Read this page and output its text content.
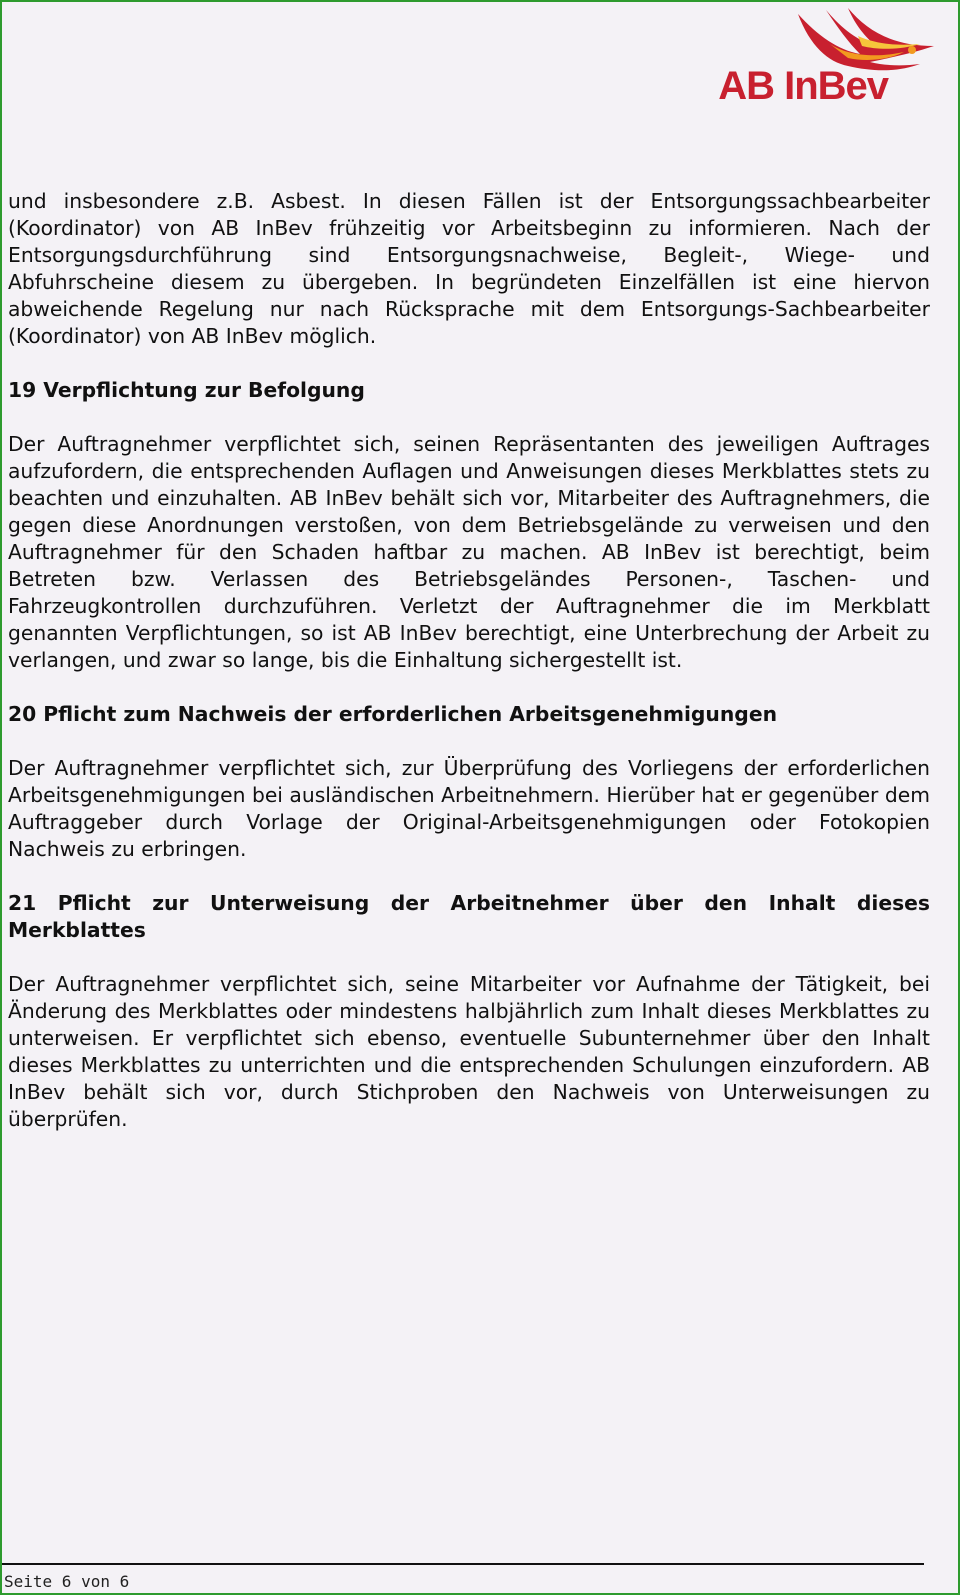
AB InBev

und insbesondere z.B. Asbest. In diesen Fällen ist der Entsorgungssachbearbeiter (Koordinator) von AB InBev frühzeitig vor Arbeitsbeginn zu informieren. Nach der Entsorgungsdurchführung sind Entsorgungsnachweise, Begleit-, Wiege- und Abfuhrscheine diesem zu übergeben. In begründeten Einzelfällen ist eine hiervon abweichende Regelung nur nach Rücksprache mit dem Entsorgungs-Sachbearbeiter (Koordinator) von AB InBev möglich.

19 Verpflichtung zur Befolgung

Der Auftragnehmer verpflichtet sich, seinen Repräsentanten des jeweiligen Auftrages aufzufordern, die entsprechenden Auflagen und Anweisungen dieses Merkblattes stets zu beachten und einzuhalten. AB InBev behält sich vor, Mitarbeiter des Auftragnehmers, die gegen diese Anordnungen verstoßen, von dem Betriebsgelände zu verweisen und den Auftragnehmer für den Schaden haftbar zu machen. AB InBev ist berechtigt, beim Betreten bzw. Verlassen des Betriebsgeländes Personen-, Taschen- und Fahrzeugkontrollen durchzuführen. Verletzt der Auftragnehmer die im Merkblatt genannten Verpflichtungen, so ist AB InBev berechtigt, eine Unterbrechung der Arbeit zu verlangen, und zwar so lange, bis die Einhaltung sichergestellt ist.

20 Pflicht zum Nachweis der erforderlichen Arbeitsgenehmigungen

Der Auftragnehmer verpflichtet sich, zur Überprüfung des Vorliegens der erforderlichen Arbeitsgenehmigungen bei ausländischen Arbeitnehmern. Hierüber hat er gegenüber dem Auftraggeber durch Vorlage der Original-Arbeitsgenehmigungen oder Fotokopien Nachweis zu erbringen.

21 Pflicht zur Unterweisung der Arbeitnehmer über den Inhalt dieses Merkblattes

Der Auftragnehmer verpflichtet sich, seine Mitarbeiter vor Aufnahme der Tätigkeit, bei Änderung des Merkblattes oder mindestens halbjährlich zum Inhalt dieses Merkblattes zu unterweisen. Er verpflichtet sich ebenso, eventuelle Subunternehmer über den Inhalt dieses Merkblattes zu unterrichten und die entsprechenden Schulungen einzufordern. AB InBev behält sich vor, durch Stichproben den Nachweis von Unterweisungen zu überprüfen.

Seite 6 von 6
